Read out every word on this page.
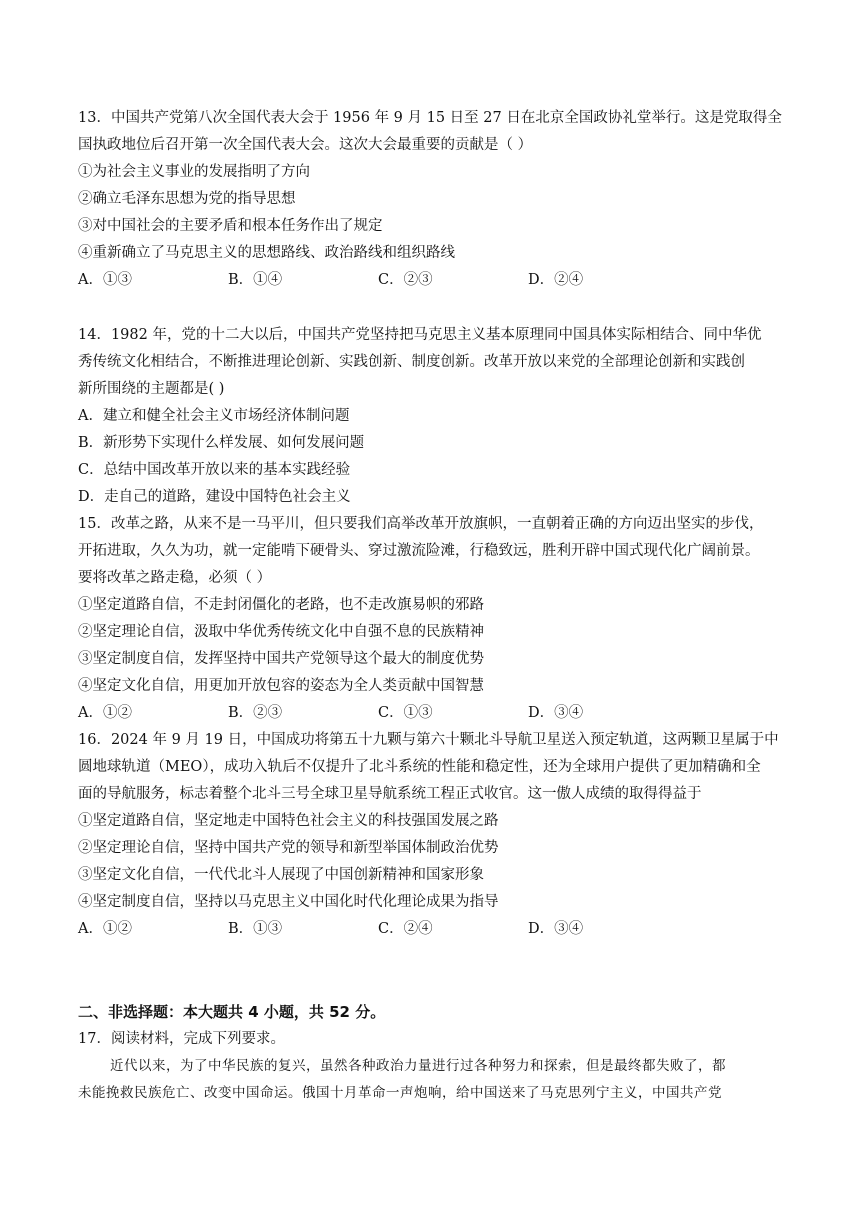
13．中国共产党第八次全国代表大会于 1956 年 9 月 15 日至 27 日在北京全国政协礼堂举行。这是党取得全
国执政地位后召开第一次全国代表大会。这次大会最重要的贡献是（ ）
①为社会主义事业的发展指明了方向
②确立毛泽东思想为党的指导思想
③对中国社会的主要矛盾和根本任务作出了规定
④重新确立了马克思主义的思想路线、政治路线和组织路线
A．①③	B．①④	C．②③	D．②④
14．1982 年，党的十二大以后，中国共产党坚持把马克思主义基本原理同中国具体实际相结合、同中华优
秀传统文化相结合，不断推进理论创新、实践创新、制度创新。改革开放以来党的全部理论创新和实践创
新所围绕的主题都是( )
A．建立和健全社会主义市场经济体制问题
B．新形势下实现什么样发展、如何发展问题
C．总结中国改革开放以来的基本实践经验
D．走自己的道路，建设中国特色社会主义
15．改革之路，从来不是一马平川，但只要我们高举改革开放旗帜，一直朝着正确的方向迈出坚实的步伐，
开拓进取，久久为功，就一定能啃下硬骨头、穿过激流险滩，行稳致远，胜利开辟中国式现代化广阔前景。
要将改革之路走稳，必须（ ）
①坚定道路自信，不走封闭僵化的老路，也不走改旗易帜的邪路
②坚定理论自信，汲取中华优秀传统文化中自强不息的民族精神
③坚定制度自信，发挥坚持中国共产党领导这个最大的制度优势
④坚定文化自信，用更加开放包容的姿态为全人类贡献中国智慧
A．①②	B．②③	C．①③	D．③④
16．2024 年 9 月 19 日，中国成功将第五十九颗与第六十颗北斗导航卫星送入预定轨道，这两颗卫星属于中
圆地球轨道（MEO），成功入轨后不仅提升了北斗系统的性能和稳定性，还为全球用户提供了更加精确和全
面的导航服务，标志着整个北斗三号全球卫星导航系统工程正式收官。这一傲人成绩的取得得益于
①坚定道路自信，坚定地走中国特色社会主义的科技强国发展之路
②坚定理论自信，坚持中国共产党的领导和新型举国体制政治优势
③坚定文化自信，一代代北斗人展现了中国创新精神和国家形象
④坚定制度自信，坚持以马克思主义中国化时代化理论成果为指导
A．①②	B．①③	C．②④	D．③④
二、非选择题：本大题共 4 小题，共 52 分。
17．阅读材料，完成下列要求。
近代以来，为了中华民族的复兴，虽然各种政治力量进行过各种努力和探索，但是最终都失败了，都
未能挽救民族危亡、改变中国命运。俄国十月革命一声炮响，给中国送来了马克思列宁主义，中国共产党
